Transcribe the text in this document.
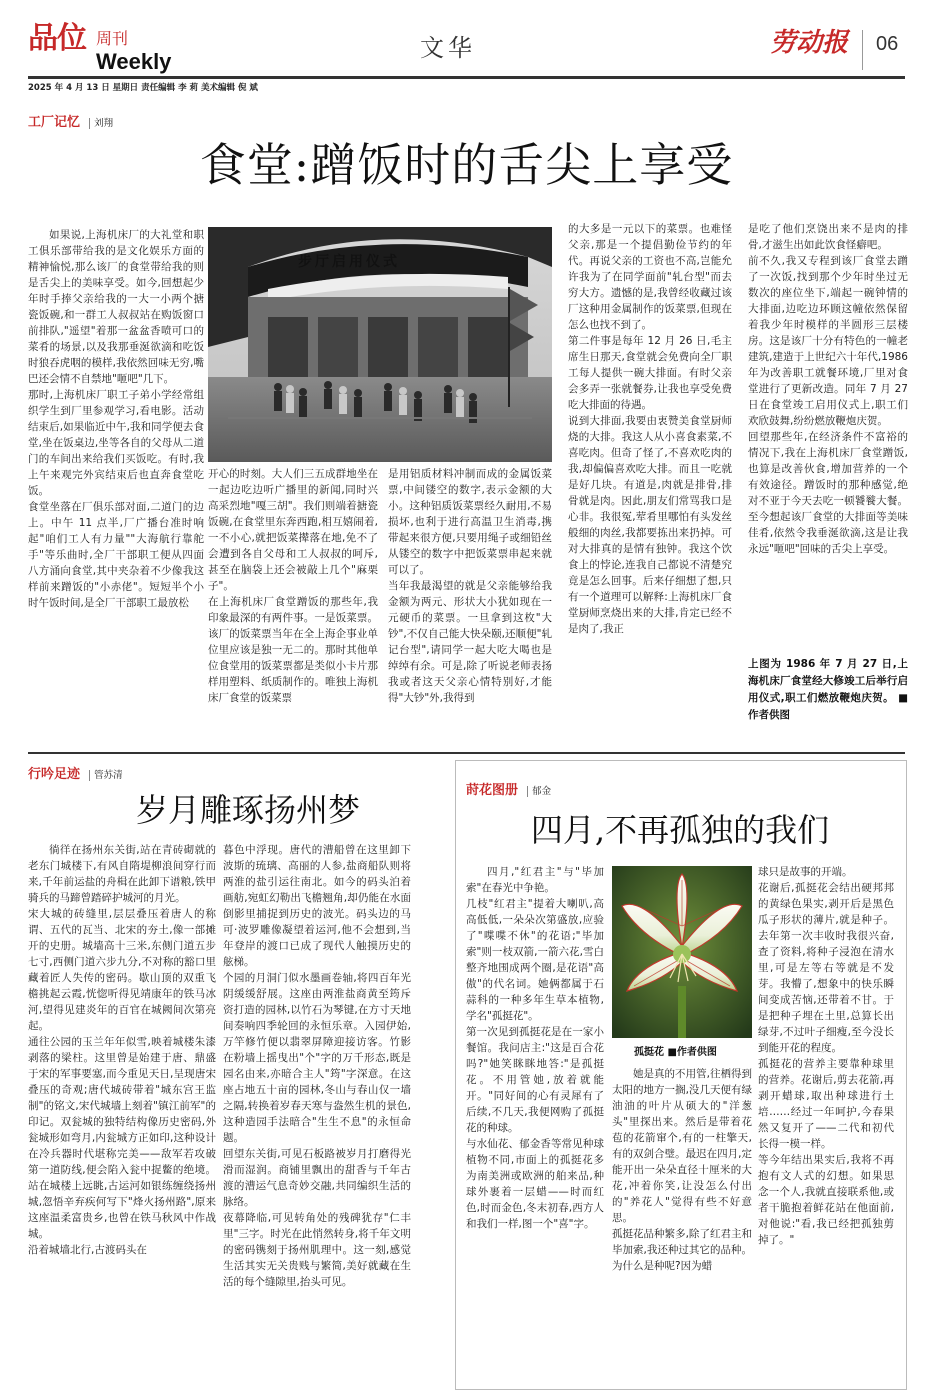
品位 周刊
Weekly	文华	劳动报 06
2025 年 4 月 13 日 星期日 责任编辑 李 莉 美术编辑 倪 斌
工厂记忆 刘翔
食堂:蹭饭时的舌尖上享受

如果说,上海机床厂的大礼堂和职工俱乐部带给我的是文化娱乐方面的精神愉悦,那么该厂的食堂带给我的则是舌尖上的美味享受。如今,回想起少年时手捧父亲给我的一大一小两个搪瓷饭碗,和一群工人叔叔站在购饭窗口前排队,"遥望"着那一盆盆香喷可口的菜肴的场景,以及我那垂涎欲滴和吃饭时狼吞虎咽的模样,我依然回味无穷,嘴巴还会情不自禁地"咂吧"几下。
那时,上海机床厂职工子弟小学经常组织学生到厂里参观学习,看电影。活动结束后,如果临近中午,我和同学便去食堂,坐在饭桌边,坐等各自的父母从二道门的车间出来给我们买饭吃。有时,我上午来观完外宾结束后也直奔食堂吃饭。
食堂坐落在厂俱乐部对面,二道门的边上。中午 11 点半,厂广播台准时响起"咱们工人有力量""大海航行靠舵手"等乐曲时,全厂干部职工便从四面八方涌向食堂,其中夹杂着不少像我这样前来蹭饭的"小赤佬"。短短半个小时午饭时间,是全厂干部职工最放松

步厅启用仪式

开心的时刻。大人们三五成群地坐在一起边吃边听广播里的新闻,同时兴高采烈地"嘎三胡"。我们则端着搪瓷饭碗,在食堂里东奔西跑,相互嬉闹着,一不小心,就把饭菜撵落在地,免不了会遭到各自父母和工人叔叔的呵斥,甚至在脑袋上还会被敲上几个"麻栗子"。
在上海机床厂食堂蹭饭的那些年,我印象最深的有两件事。一是饭菜票。该厂的饭菜票当年在全上海企事业单位里应该是独一无二的。那时其他单位食堂用的饭菜票都是类似小卡片那样用塑料、纸质制作的。唯独上海机床厂食堂的饭菜票

是用铝质材料冲制而成的金属饭菜票,中间镂空的数字,表示金额的大小。这种铝质饭菜票经久耐用,不易损坏,也利于进行高温卫生消毒,携带起来很方便,只要用绳子或细铅丝从镂空的数字中把饭菜票串起来就可以了。
当年我最渴望的就是父亲能够给我金额为两元、形状大小犹如现在一元硬币的菜票。一旦拿到这枚"大钞",不仅自己能大快朵颐,还顺便"轧记台型",请同学一起大吃大喝也是绰绰有余。可是,除了听说老师表扬我或者这天父亲心情特别好,才能得"大钞"外,我得到

的大多是一元以下的菜票。也难怪父亲,那是一个提倡勤俭节约的年代。再说父亲的工资也不高,岂能允许我为了在同学面前"轧台型"而去穷大方。遗憾的是,我曾经收藏过该厂这种用金属制作的饭菜票,但现在怎么也找不到了。
第二件事是每年 12 月 26 日,毛主席生日那天,食堂就会免费向全厂职工每人提供一碗大排面。有时父亲会多弄一张就餐券,让我也享受免费吃大排面的待遇。
说到大排面,我要由衷赞美食堂厨师烧的大排。我这人从小喜食素菜,不喜吃肉。但奇了怪了,不喜欢吃肉的我,却偏偏喜欢吃大排。而且一吃就是好几块。有道是,肉就是排骨,排骨就是肉。因此,朋友们常骂我口是心非。我很冤,荤肴里哪怕有头发丝般细的肉丝,我都要拣出来扔掉。可对大排真的是情有独钟。我这个饮食上的悖论,连我自己都说不清楚究竟是怎么回事。后来仔细想了想,只有一个道理可以解释:上海机床厂食堂厨师烹烧出来的大排,肯定已经不是肉了,我正

是吃了他们烹饶出来不是肉的排骨,才滋生出如此饮食怪癖吧。
前不久,我又专程到该厂食堂去蹭了一次饭,找到那个少年时坐过无数次的座位坐下,端起一碗钟情的大排面,边吃边环顾这幢依然保留着我少年时模样的半圆形三层楼房。这是该厂十分有特色的一幢老建筑,建造于上世纪六十年代,1986 年为改善职工就餐环境,厂里对食堂进行了更新改造。同年 7 月 27 日在食堂竣工启用仪式上,职工们欢欣鼓舞,纷纷燃放鞭炮庆贺。
回望那些年,在经济条件不富裕的情况下,我在上海机床厂食堂蹭饭,也算是改善伙食,增加营养的一个有效途径。蹭饭时的那种感觉,绝对不亚于今天去吃一顿饕餮大餐。至今想起该厂食堂的大排面等美味佳肴,依然令我垂涎欲滴,这是让我永远"咂吧"回味的舌尖上享受。

上图为 1986 年 7 月 27 日,上海机床厂食堂经大修竣工后举行启用仪式,职工们燃放鞭炮庆贺。 ■作者供图
行吟足迹 管苏清
岁月雕琢扬州梦

徜徉在扬州东关街,站在青砖砌就的老东门城楼下,有风自隋堤柳浪间穿行而来,千年前运盐的舟楫在此卸下谱粮,铁甲骑兵的马蹄曾踏碎护城河的月光。
宋大城的砖缝里,层层叠压着唐人的称谓、五代的瓦当、北宋的夯土,像一部摊开的史册。城墙高十三米,东侧门道五步七寸,西侧门道六步九分,不对称的豁口里藏着匠人失传的密码。歇山顶的双重飞檐挑起云霞,恍惚听得见靖康年的铁马冰河,望得见建炎年的百官在城阙间次第亮起。
通往公园的玉兰年年似雪,映着城楼朱漆剥落的梁柱。这里曾是始建于唐、鼎盛于宋的军事要塞,而今重见天日,呈现唐宋叠压的奇观;唐代城砖带着"城东宫王监制"的铭文,宋代城墙上刻着"镇江前军"的印记。双瓮城的独特结构像历史密码,外瓮城形如弯月,内瓮城方正如印,这种设计在冷兵器时代堪称完美——敌军若攻破第一道防线,便会陷入瓮中捉鳖的绝境。站在城楼上远眺,古运河如银练缠绕扬州城,忽悟辛弃疾何写下"烽火扬州路",原来这座温柔富贵乡,也曾在铁马秋风中作战城。
沿着城墙北行,古渡码头在

暮色中浮现。唐代的漕船曾在这里卸下波斯的琉璃、高丽的人参,盐商船队则将两淮的盐引运往南北。如今的码头泊着画舫,宛虹幻勒出飞檐翘角,却仍能在水面倒影里捕捉到历史的波光。码头边的马可·波罗雕像凝望着运河,他不会想到,当年登岸的渡口已成了现代人触摸历史的舷梯。
个园的月洞门似水墨画卷轴,将四百年光阴缓缓舒展。这座由两淮盐商黄至筠斥资打造的园林,以竹石为琴键,在方寸天地间奏响四季轮回的永恒乐章。入园伊始,万竿修竹便以翡翠屏障迎接访客。竹影在粉墙上摇曳出"个"字的万千形态,既是园名由来,亦暗合主人"筠"字深意。在这座占地五十亩的园林,冬山与春山仅一墙之隔,转换着岁春天寒与盎然生机的景色,这种造园手法暗合"生生不息"的永恒命题。
回望东关街,可见石板路被岁月打磨得光滑而湿润。商铺里飘出的甜香与千年古渡的漕运气息奇妙交融,共同编织生活的脉络。
夜幕降临,可见转角处的残碑犹存"仁丰里"三字。时光在此悄然转身,将千年文明的密码镌刻于扬州肌理中。这一刻,感觉生活其实无关贵贱与繁简,美好就藏在生活的每个缝隙里,抬头可见。

莳花图册 郁金
四月,不再孤独的我们

四月,"红君主"与"毕加索"在春光中争艳。
几枝"红君主"提着大喇叭,高高低低,一朵朵次第盛放,应验了"喋喋不休"的花语;"毕加索"则一枝双箭,一箭六花,雪白整齐地围成两个圈,是花语"高傲"的代名词。她俩都属于石蒜科的一种多年生草本植物,学名"孤挺花"。
第一次见到孤挺花是在一家小餐馆。我问店主:"这是百合花吗?"她笑眯眯地答:"是孤挺花。不用管她,放着就能开。"同好间的心有灵犀有了后续,不几天,我便网购了孤挺花的种球。
与水仙花、郁金香等常见种球植物不同,市面上的孤挺花多为南美洲或欧洲的舶来品,种球外裹着一层蜡——时而红色,时而金色,冬末初春,西方人和我们一样,图一个"喜"字。

孤挺花 ■作者供图

她是真的不用管,往栖得到太阳的地方一搁,没几天便有绿油油的叶片从硕大的"洋葱头"里探出来。然后是带着花苞的花箭窜个,有的一柱擎天,有的双剑合璧。最迟在四月,定能开出一朵朵直径十厘米的大花,冲着你笑,让没怎么付出的"养花人"觉得有些不好意思。
孤挺花品种繁多,除了红君主和毕加索,我还种过其它的品种。为什么是种呢?因为蜡

球只是故事的开端。
花谢后,孤挺花会结出硬邦邦的黄绿色果实,剥开后是黑色瓜子形状的薄片,就是种子。去年第一次丰收时我很兴奋,查了资料,将种子浸泡在清水里,可是左等右等就是不发芽。我懵了,想象中的快乐瞬间变成苦恼,还带着不甘。于是把种子埋在土里,总算长出绿芽,不过叶子细瘦,至今没长到能开花的程度。
孤挺花的营养主要靠种球里的营养。花谢后,剪去花箭,再剥开蜡球,取出种球进行土培……经过一年呵护,今春果然又复开了——二代和初代长得一模一样。
等今年结出果实后,我将不再抱有文人式的幻想。如果思念一个人,我就直接联系他,或者干脆抱着鲜花站在他面前,对他说:"看,我已经把孤独剪掉了。"
